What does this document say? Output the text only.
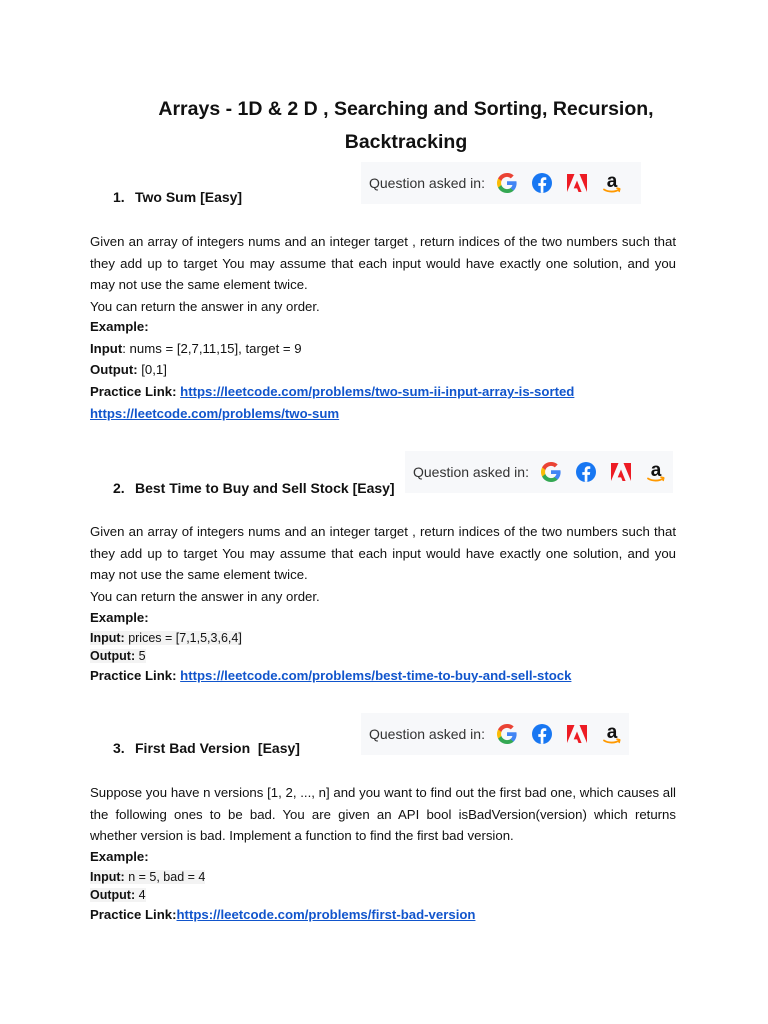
Arrays - 1D & 2 D , Searching and Sorting, Recursion,
Backtracking
Question asked in:
1. Two Sum [Easy]

Given an array of integers nums and an integer target , return indices of the two numbers such that they add up to target You may assume that each input would have exactly one solution, and you may not use the same element twice.

You can return the answer in any order.

Example:
Input: nums = [2,7,11,15], target = 9
Output: [0,1]
Practice Link: https://leetcode.com/problems/two-sum-ii-input-array-is-sorted
https://leetcode.com/problems/two-sum
Question asked in:
2. Best Time to Buy and Sell Stock [Easy]

Given an array of integers nums and an integer target , return indices of the two numbers such that they add up to target You may assume that each input would have exactly one solution, and you may not use the same element twice.

You can return the answer in any order.

Example:
Input: prices = [7,1,5,3,6,4]
Output: 5
Practice Link: https://leetcode.com/problems/best-time-to-buy-and-sell-stock
Question asked in:
3. First Bad Version  [Easy]

Suppose you have n versions [1, 2, ..., n] and you want to find out the first bad one, which causes all the following ones to be bad. You are given an API bool isBadVersion(version) which returns whether version is bad. Implement a function to find the first bad version.

Example:
Input: n = 5, bad = 4
Output: 4
Practice Link:https://leetcode.com/problems/first-bad-version
